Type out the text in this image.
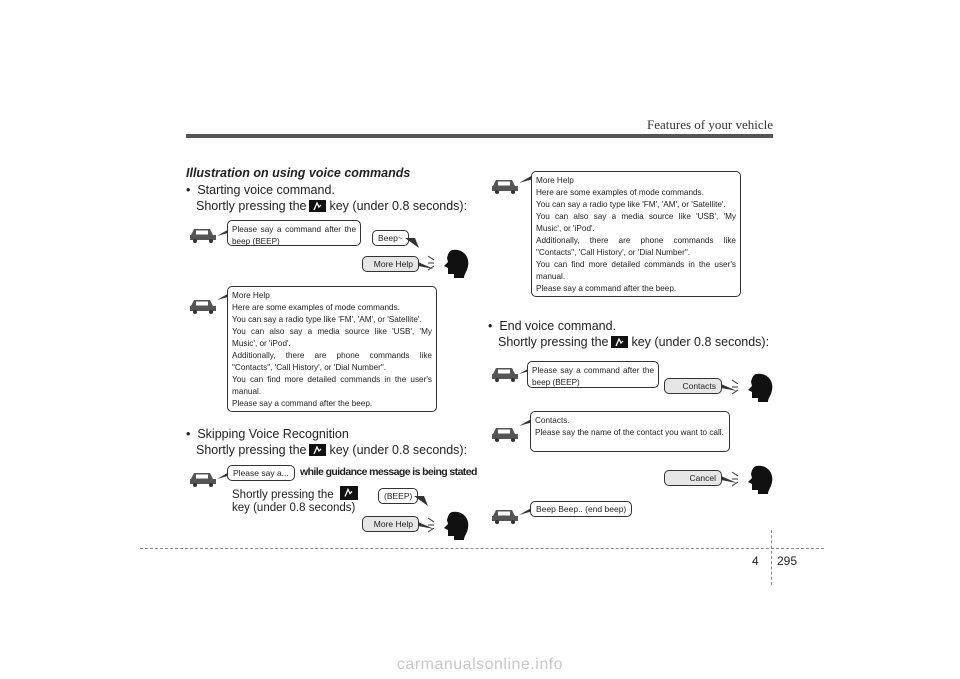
Features of your vehicle
Illustration on using voice commands
•  Starting voice command.
Shortly pressing the key (under 0.8 seconds):
Please say a command after the beep (BEEP)	Beep~
More Help
More Help
Here are some examples of mode commands.
You can say a radio type like 'FM', 'AM', or 'Satellite'.
You can also say a media source like 'USB', 'My Music', or 'iPod'.
Additionally, there are phone commands like "Contacts", 'Call History', or 'Dial Number".
You can find more detailed commands in the user's manual.
Please say a command after the beep.
•  Skipping Voice Recognition
Shortly pressing the key (under 0.8 seconds):
Please say a...	while guidance message is being stated
Shortly pressing the
key (under 0.8 seconds)
(BEEP)
More Help
More Help
Here are some examples of mode commands.
You can say a radio type like 'FM', 'AM', or 'Satellite'.
You can also say a media source like 'USB', 'My Music', or 'iPod'.
Additionally, there are phone commands like "Contacts", 'Call History', or 'Dial Number".
You can find more detailed commands in the user's manual.
Please say a command after the beep.
•  End voice command.
Shortly pressing the key (under 0.8 seconds):
Please say a command after the beep (BEEP)	Contacts
Contacts.
Please say the name of the contact you want to call.
Cancel
Beep Beep.. (end beep)
4 295
carmanualsonline.info
